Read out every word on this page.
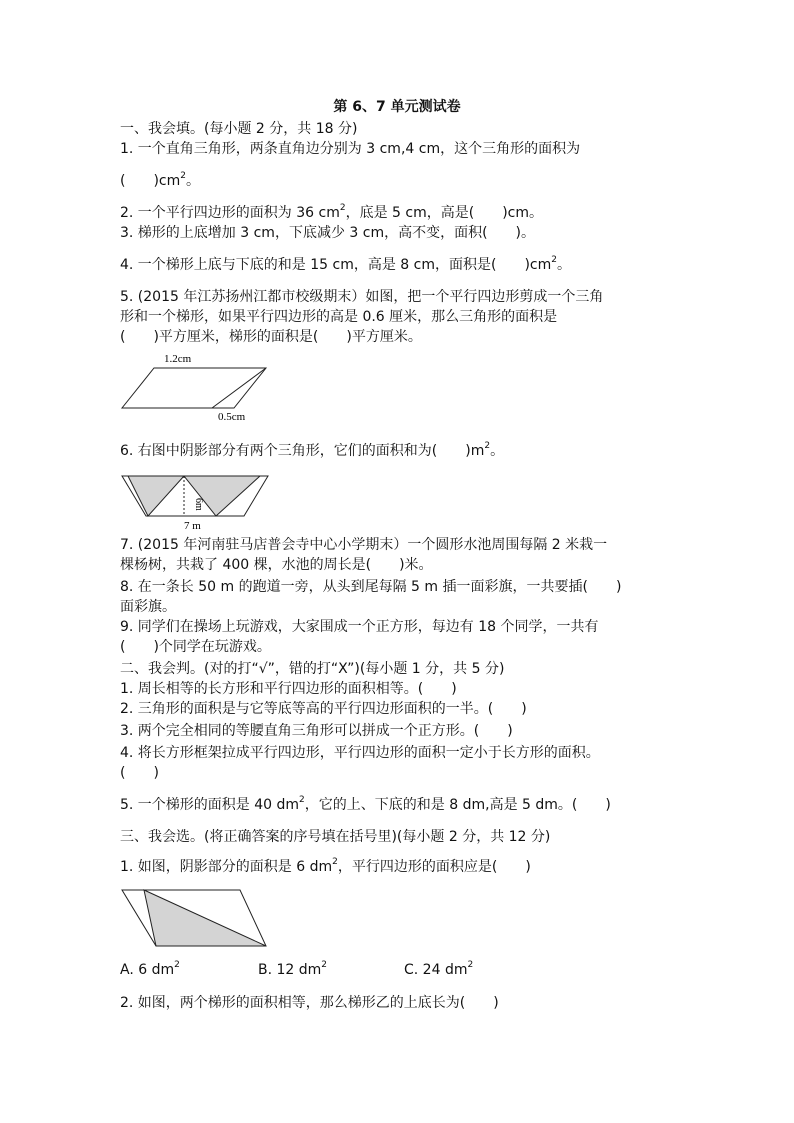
第 6、7 单元测试卷
一、我会填。(每小题 2 分，共 18 分)
1. 一个直角三角形，两条直角边分别为 3 cm,4 cm，这个三角形的面积为
(　　)$cm^2$。
2. 一个平行四边形的面积为 36 $cm^2$，底是 5 cm，高是(　　)cm。
3. 梯形的上底增加 3 cm，下底减少 3 cm，高不变，面积(　　)。
4. 一个梯形上底与下底的和是 15 cm，高是 8 cm，面积是(　　)$cm^2$。
5. (2015 年江苏扬州江都市校级期末）如图，把一个平行四边形剪成一个三角
形和一个梯形，如果平行四边形的高是 0.6 厘米，那么三角形的面积是
(　　)平方厘米，梯形的面积是(　　)平方厘米。
1.2cm
0.5cm
6. 右图中阴影部分有两个三角形，它们的面积和为(　　)$m^2$。
6m
7 m
7. (2015 年河南驻马店普会寺中心小学期末）一个圆形水池周围每隔 2 米栽一
棵杨树，共栽了 400 棵，水池的周长是(　　)米。
8. 在一条长 50 m 的跑道一旁，从头到尾每隔 5 m 插一面彩旗，一共要插(　　)
面彩旗。
9. 同学们在操场上玩游戏，大家围成一个正方形，每边有 18 个同学，一共有
(　　)个同学在玩游戏。
二、我会判。(对的打“√”，错的打“X”)(每小题 1 分，共 5 分)
1. 周长相等的长方形和平行四边形的面积相等。(　　)
2. 三角形的面积是与它等底等高的平行四边形面积的一半。(　　)
3. 两个完全相同的等腰直角三角形可以拼成一个正方形。(　　)
4. 将长方形框架拉成平行四边形，平行四边形的面积一定小于长方形的面积。
(　　)
5. 一个梯形的面积是 40 $dm^2$，它的上、下底的和是 8 dm,高是 5 dm。(　　)
三、我会选。(将正确答案的序号填在括号里)(每小题 2 分，共 12 分)
1. 如图，阴影部分的面积是 6 $dm^2$，平行四边形的面积应是(　　)
A. 6 $dm^2$	B. 12 $dm^2$	C. 24 $dm^2$
2. 如图，两个梯形的面积相等，那么梯形乙的上底长为(　　)
